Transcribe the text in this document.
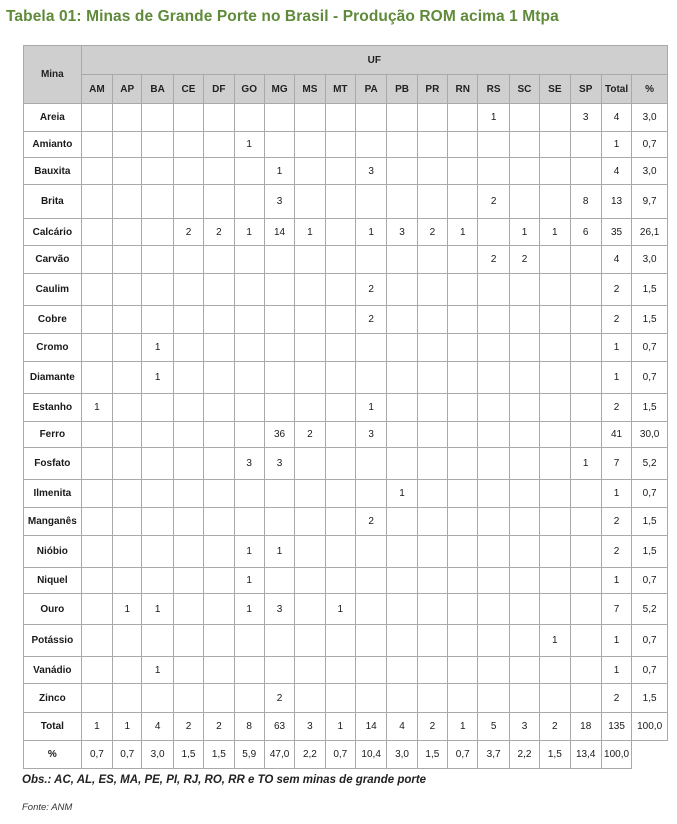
Tabela 01: Minas de Grande Porte no Brasil - Produção ROM acima 1 Mtpa
Mina	UF																		
	AM	AP	BA	CE	DF	GO	MG	MS	MT	PA	PB	PR	RN	RS	SC	SE	SP	Total	%
Areia														1			3	4	3,0
Amianto						1												1	0,7
Bauxita							1			3								4	3,0
Brita							3							2			8	13	9,7
Calcário				2	2	1	14	1		1	3	2	1		1	1	6	35	26,1
Carvão														2	2			4	3,0
Caulim										2								2	1,5
Cobre										2								2	1,5
Cromo			1															1	0,7
Diamante			1															1	0,7
Estanho	1									1								2	1,5
Ferro							36	2		3								41	30,0
Fosfato						3	3										1	7	5,2
Ilmenita											1							1	0,7
Manganês										2								2	1,5
Nióbio						1	1											2	1,5
Niquel						1												1	0,7
Ouro		1	1			1	3		1									7	5,2
Potássio																1		1	0,7
Vanádio			1															1	0,7
Zinco							2											2	1,5
Total	1	1	4	2	2	8	63	3	1	14	4	2	1	5	3	2	18	135	100,0
%	0,7	0,7	3,0	1,5	1,5	5,9	47,0	2,2	0,7	10,4	3,0	1,5	0,7	3,7	2,2	1,5	13,4	100,0	
Obs.: AC, AL, ES, MA, PE, PI, RJ, RO, RR e TO sem minas de grande porte
Fonte: ANM
